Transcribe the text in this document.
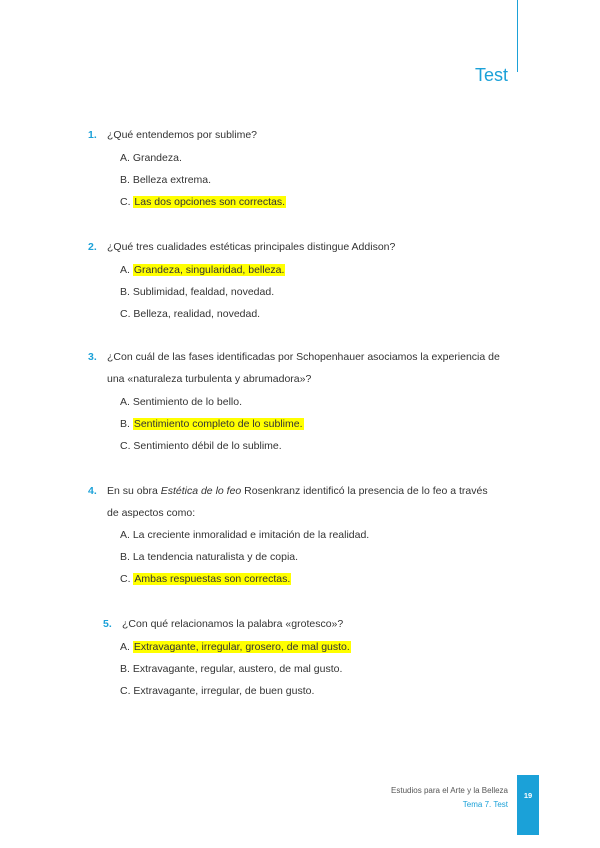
Test
1. ¿Qué entendemos por sublime?
A. Grandeza.
B. Belleza extrema.
C. Las dos opciones son correctas.
2. ¿Qué tres cualidades estéticas principales distingue Addison?
A. Grandeza, singularidad, belleza.
B. Sublimidad, fealdad, novedad.
C. Belleza, realidad, novedad.
3. ¿Con cuál de las fases identificadas por Schopenhauer asociamos la experiencia de
una «naturaleza turbulenta y abrumadora»?
A. Sentimiento de lo bello.
B. Sentimiento completo de lo sublime.
C. Sentimiento débil de lo sublime.
4. En su obra Estética de lo feo Rosenkranz identificó la presencia de lo feo a través
de aspectos como:
A. La creciente inmoralidad e imitación de la realidad.
B. La tendencia naturalista y de copia.
C. Ambas respuestas son correctas.
5. ¿Con qué relacionamos la palabra «grotesco»?
A. Extravagante, irregular, grosero, de mal gusto.
B. Extravagante, regular, austero, de mal gusto.
C. Extravagante, irregular, de buen gusto.
Estudios para el Arte y la Belleza
Tema 7. Test
19
